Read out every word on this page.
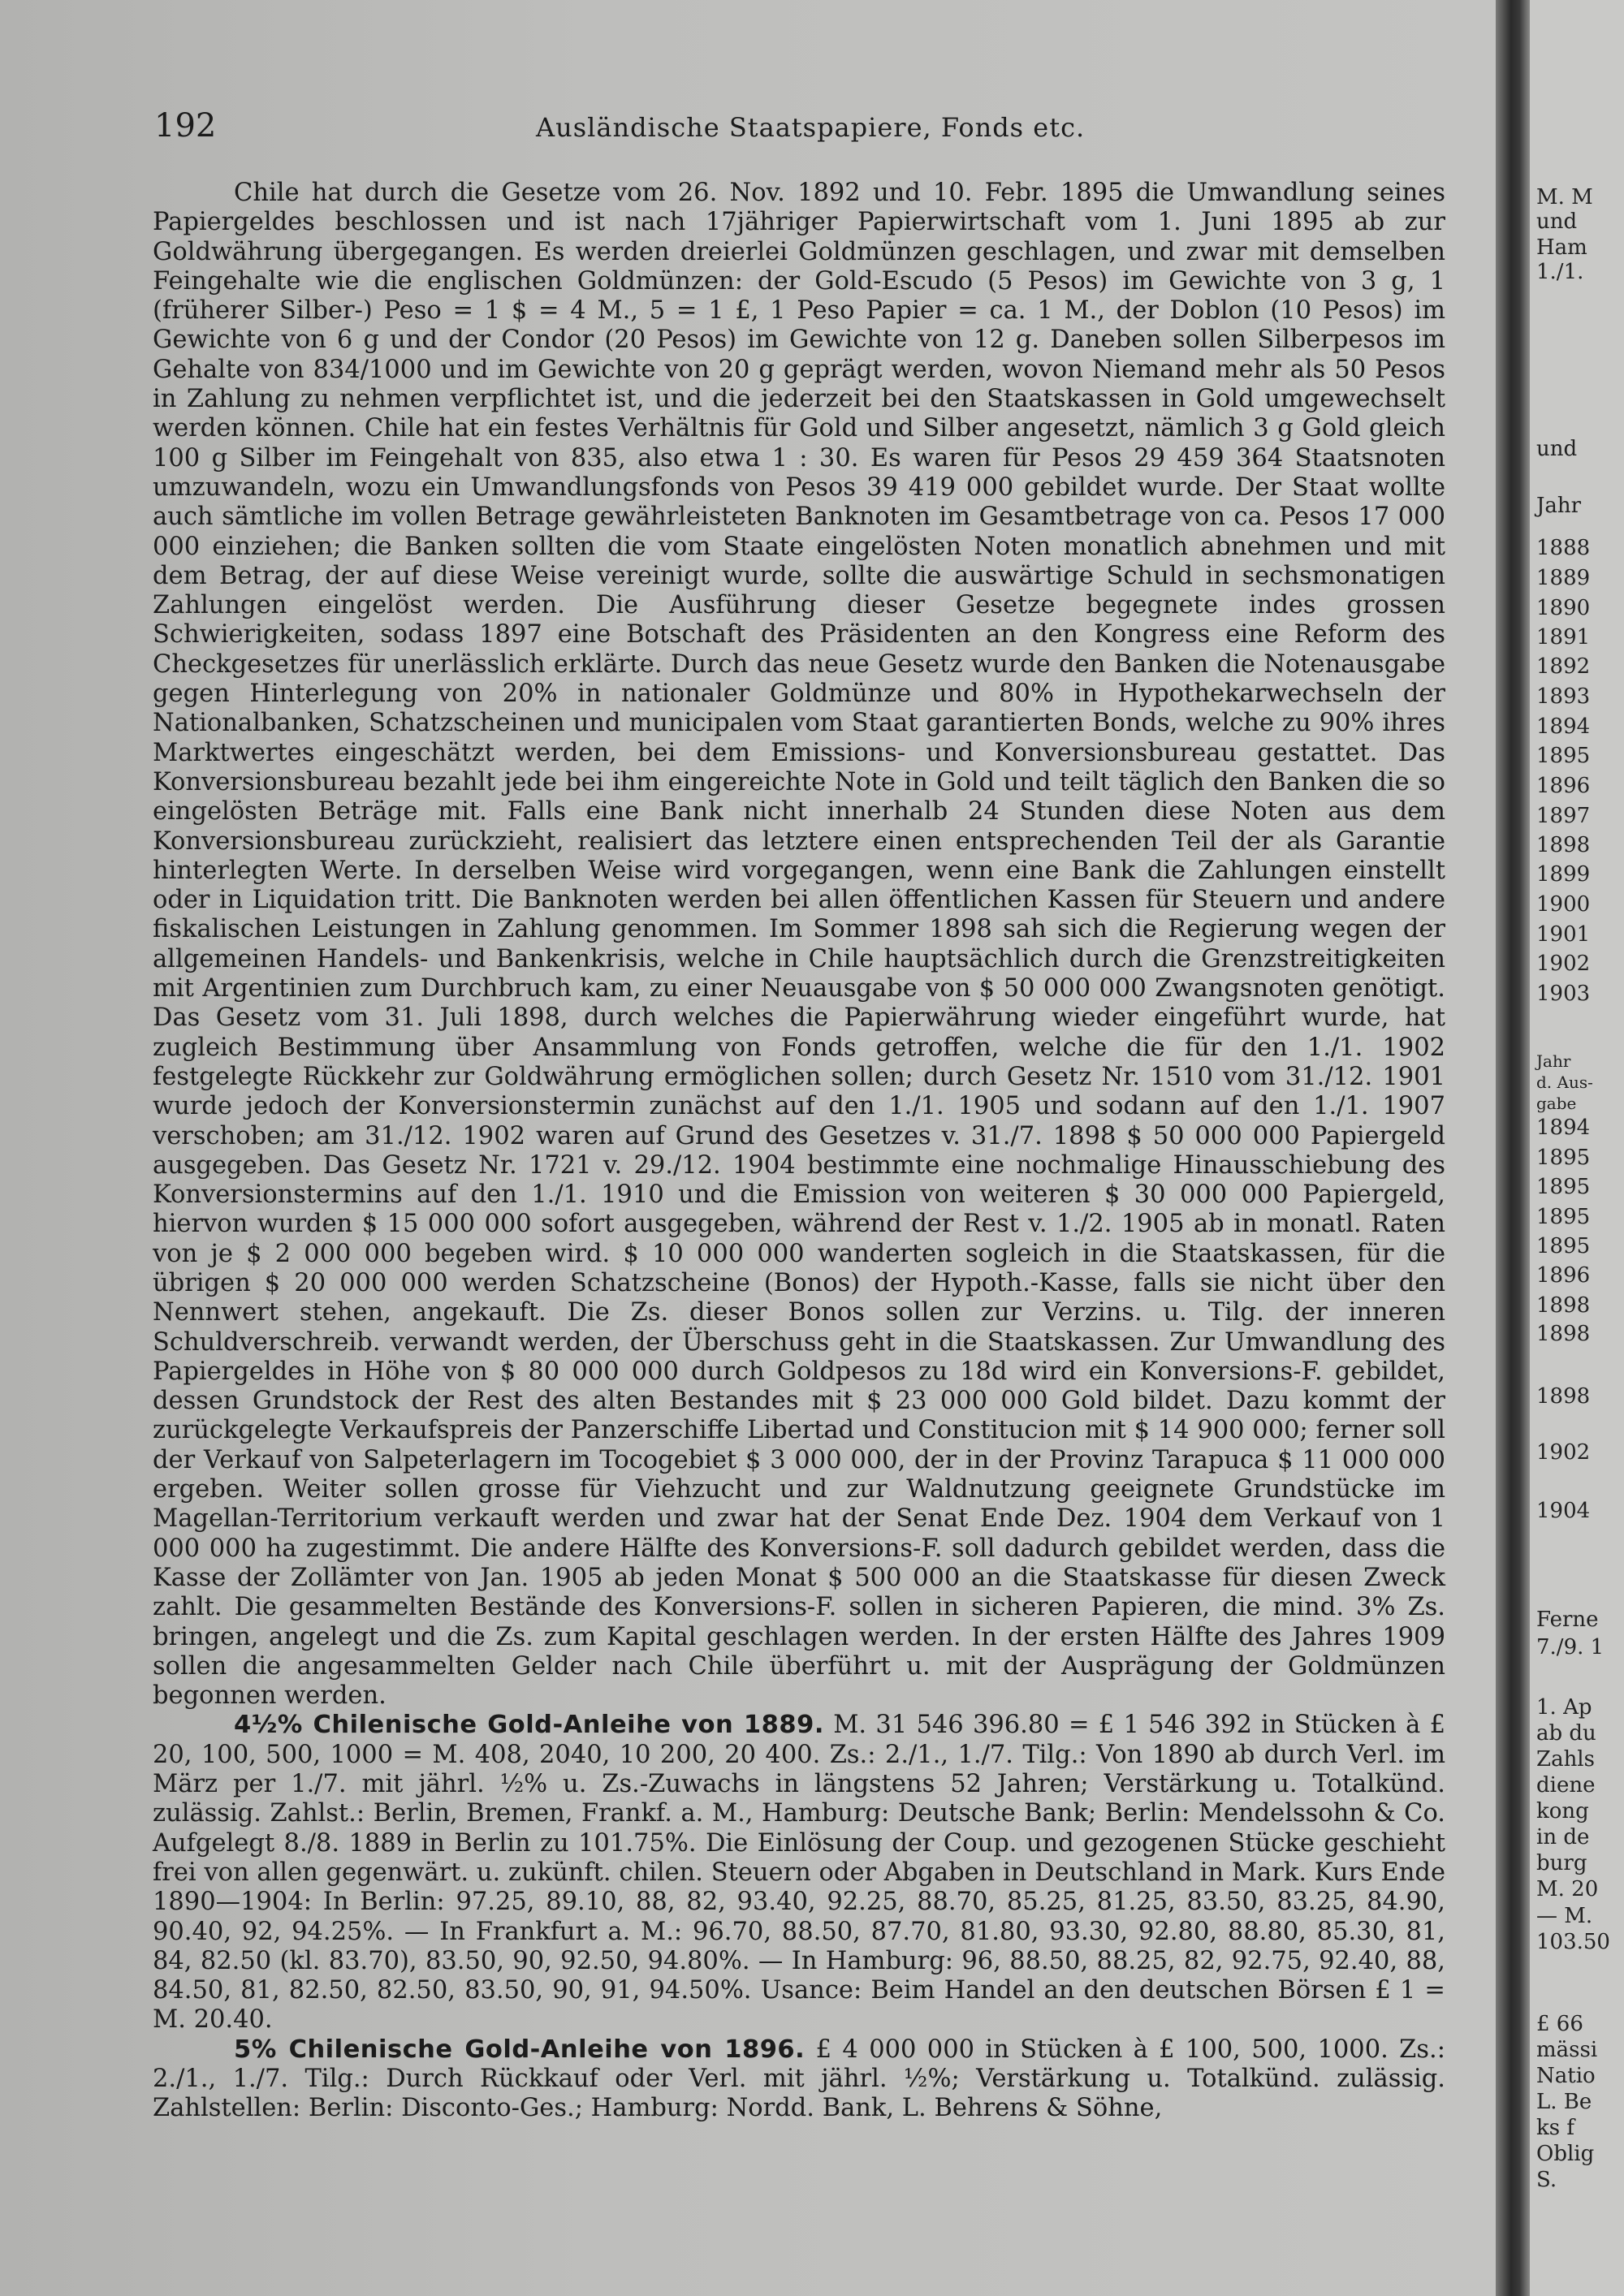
192	Ausländische Staatspapiere, Fonds etc.

Chile hat durch die Gesetze vom 26. Nov. 1892 und 10. Febr. 1895 die Umwandlung seines Papiergeldes beschlossen und ist nach 17jähriger Papierwirtschaft vom 1. Juni 1895 ab zur Goldwährung übergegangen. Es werden dreierlei Goldmünzen geschlagen, und zwar mit demselben Feingehalte wie die englischen Goldmünzen: der Gold-Escudo (5 Pesos) im Gewichte von 3 g, 1 (früherer Silber-) Peso = 1 $ = 4 M., 5 = 1 £, 1 Peso Papier = ca. 1 M., der Doblon (10 Pesos) im Gewichte von 6 g und der Condor (20 Pesos) im Gewichte von 12 g. Daneben sollen Silberpesos im Gehalte von 834/1000 und im Gewichte von 20 g geprägt werden, wovon Niemand mehr als 50 Pesos in Zahlung zu nehmen verpflichtet ist, und die jederzeit bei den Staatskassen in Gold umgewechselt werden können. Chile hat ein festes Verhältnis für Gold und Silber angesetzt, nämlich 3 g Gold gleich 100 g Silber im Feingehalt von 835, also etwa 1 : 30. Es waren für Pesos 29 459 364 Staatsnoten umzuwandeln, wozu ein Umwandlungsfonds von Pesos 39 419 000 gebildet wurde. Der Staat wollte auch sämtliche im vollen Betrage gewährleisteten Banknoten im Gesamtbetrage von ca. Pesos 17 000 000 einziehen; die Banken sollten die vom Staate eingelösten Noten monatlich abnehmen und mit dem Betrag, der auf diese Weise vereinigt wurde, sollte die auswärtige Schuld in sechsmonatigen Zahlungen eingelöst werden. Die Ausführung dieser Gesetze begegnete indes grossen Schwierigkeiten, sodass 1897 eine Botschaft des Präsidenten an den Kongress eine Reform des Checkgesetzes für unerlässlich erklärte. Durch das neue Gesetz wurde den Banken die Notenausgabe gegen Hinterlegung von 20% in nationaler Goldmünze und 80% in Hypothekarwechseln der Nationalbanken, Schatzscheinen und municipalen vom Staat garantierten Bonds, welche zu 90% ihres Marktwertes eingeschätzt werden, bei dem Emissions- und Konversionsbureau gestattet. Das Konversionsbureau bezahlt jede bei ihm eingereichte Note in Gold und teilt täglich den Banken die so eingelösten Beträge mit. Falls eine Bank nicht innerhalb 24 Stunden diese Noten aus dem Konversionsbureau zurückzieht, realisiert das letztere einen entsprechenden Teil der als Garantie hinterlegten Werte. In derselben Weise wird vorgegangen, wenn eine Bank die Zahlungen einstellt oder in Liquidation tritt. Die Banknoten werden bei allen öffentlichen Kassen für Steuern und andere fiskalischen Leistungen in Zahlung genommen. Im Sommer 1898 sah sich die Regierung wegen der allgemeinen Handels- und Bankenkrisis, welche in Chile hauptsächlich durch die Grenzstreitigkeiten mit Argentinien zum Durchbruch kam, zu einer Neuausgabe von $ 50 000 000 Zwangsnoten genötigt. Das Gesetz vom 31. Juli 1898, durch welches die Papierwährung wieder eingeführt wurde, hat zugleich Bestimmung über Ansammlung von Fonds getroffen, welche die für den 1./1. 1902 festgelegte Rückkehr zur Goldwährung ermöglichen sollen; durch Gesetz Nr. 1510 vom 31./12. 1901 wurde jedoch der Konversionstermin zunächst auf den 1./1. 1905 und sodann auf den 1./1. 1907 verschoben; am 31./12. 1902 waren auf Grund des Gesetzes v. 31./7. 1898 $ 50 000 000 Papiergeld ausgegeben. Das Gesetz Nr. 1721 v. 29./12. 1904 bestimmte eine nochmalige Hinausschiebung des Konversionstermins auf den 1./1. 1910 und die Emission von weiteren $ 30 000 000 Papiergeld, hiervon wurden $ 15 000 000 sofort ausgegeben, während der Rest v. 1./2. 1905 ab in monatl. Raten von je $ 2 000 000 begeben wird. $ 10 000 000 wanderten sogleich in die Staatskassen, für die übrigen $ 20 000 000 werden Schatzscheine (Bonos) der Hypoth.-Kasse, falls sie nicht über den Nennwert stehen, angekauft. Die Zs. dieser Bonos sollen zur Verzins. u. Tilg. der inneren Schuldverschreib. verwandt werden, der Überschuss geht in die Staatskassen. Zur Umwandlung des Papiergeldes in Höhe von $ 80 000 000 durch Goldpesos zu 18d wird ein Konversions-F. gebildet, dessen Grundstock der Rest des alten Bestandes mit $ 23 000 000 Gold bildet. Dazu kommt der zurückgelegte Verkaufspreis der Panzerschiffe Libertad und Constitucion mit $ 14 900 000; ferner soll der Verkauf von Salpeterlagern im Tocogebiet $ 3 000 000, der in der Provinz Tarapuca $ 11 000 000 ergeben. Weiter sollen grosse für Viehzucht und zur Waldnutzung geeignete Grundstücke im Magellan-Territorium verkauft werden und zwar hat der Senat Ende Dez. 1904 dem Verkauf von 1 000 000 ha zugestimmt. Die andere Hälfte des Konversions-F. soll dadurch gebildet werden, dass die Kasse der Zollämter von Jan. 1905 ab jeden Monat $ 500 000 an die Staatskasse für diesen Zweck zahlt. Die gesammelten Bestände des Konversions-F. sollen in sicheren Papieren, die mind. 3% Zs. bringen, angelegt und die Zs. zum Kapital geschlagen werden. In der ersten Hälfte des Jahres 1909 sollen die angesammelten Gelder nach Chile überführt u. mit der Ausprägung der Goldmünzen begonnen werden.

4½% Chilenische Gold-Anleihe von 1889. M. 31 546 396.80 = £ 1 546 392 in Stücken à £ 20, 100, 500, 1000 = M. 408, 2040, 10 200, 20 400. Zs.: 2./1., 1./7. Tilg.: Von 1890 ab durch Verl. im März per 1./7. mit jährl. ½% u. Zs.-Zuwachs in längstens 52 Jahren; Verstärkung u. Totalkünd. zulässig. Zahlst.: Berlin, Bremen, Frankf. a. M., Hamburg: Deutsche Bank; Berlin: Mendelssohn & Co. Aufgelegt 8./8. 1889 in Berlin zu 101.75%. Die Einlösung der Coup. und gezogenen Stücke geschieht frei von allen gegenwärt. u. zukünft. chilen. Steuern oder Abgaben in Deutschland in Mark. Kurs Ende 1890—1904: In Berlin: 97.25, 89.10, 88, 82, 93.40, 92.25, 88.70, 85.25, 81.25, 83.50, 83.25, 84.90, 90.40, 92, 94.25%. — In Frankfurt a. M.: 96.70, 88.50, 87.70, 81.80, 93.30, 92.80, 88.80, 85.30, 81, 84, 82.50 (kl. 83.70), 83.50, 90, 92.50, 94.80%. — In Hamburg: 96, 88.50, 88.25, 82, 92.75, 92.40, 88, 84.50, 81, 82.50, 82.50, 83.50, 90, 91, 94.50%. Usance: Beim Handel an den deutschen Börsen £ 1 = M. 20.40.

5% Chilenische Gold-Anleihe von 1896. £ 4 000 000 in Stücken à £ 100, 500, 1000. Zs.: 2./1., 1./7. Tilg.: Durch Rückkauf oder Verl. mit jährl. ½%; Verstärkung u. Totalkünd. zulässig. Zahlstellen: Berlin: Disconto-Ges.; Hamburg: Nordd. Bank, L. Behrens & Söhne,

M. M
und
Ham
1./1.
und
Jahr
1888
1889
1890
1891
1892
1893
1894
1895
1896
1897
1898
1899
1900
1901
1902
1903
Jahr
d. Aus-
gabe
1894
1895
1895
1895
1895
1896
1898
1898
1898
1902
1904
Ferne
7./9. 1
1. Ap
ab du
Zahls
diene
kong
in de
burg
M. 20
— M.
103.50
£ 66
mässi
Natio
L. Be
ks f
Oblig
S.
